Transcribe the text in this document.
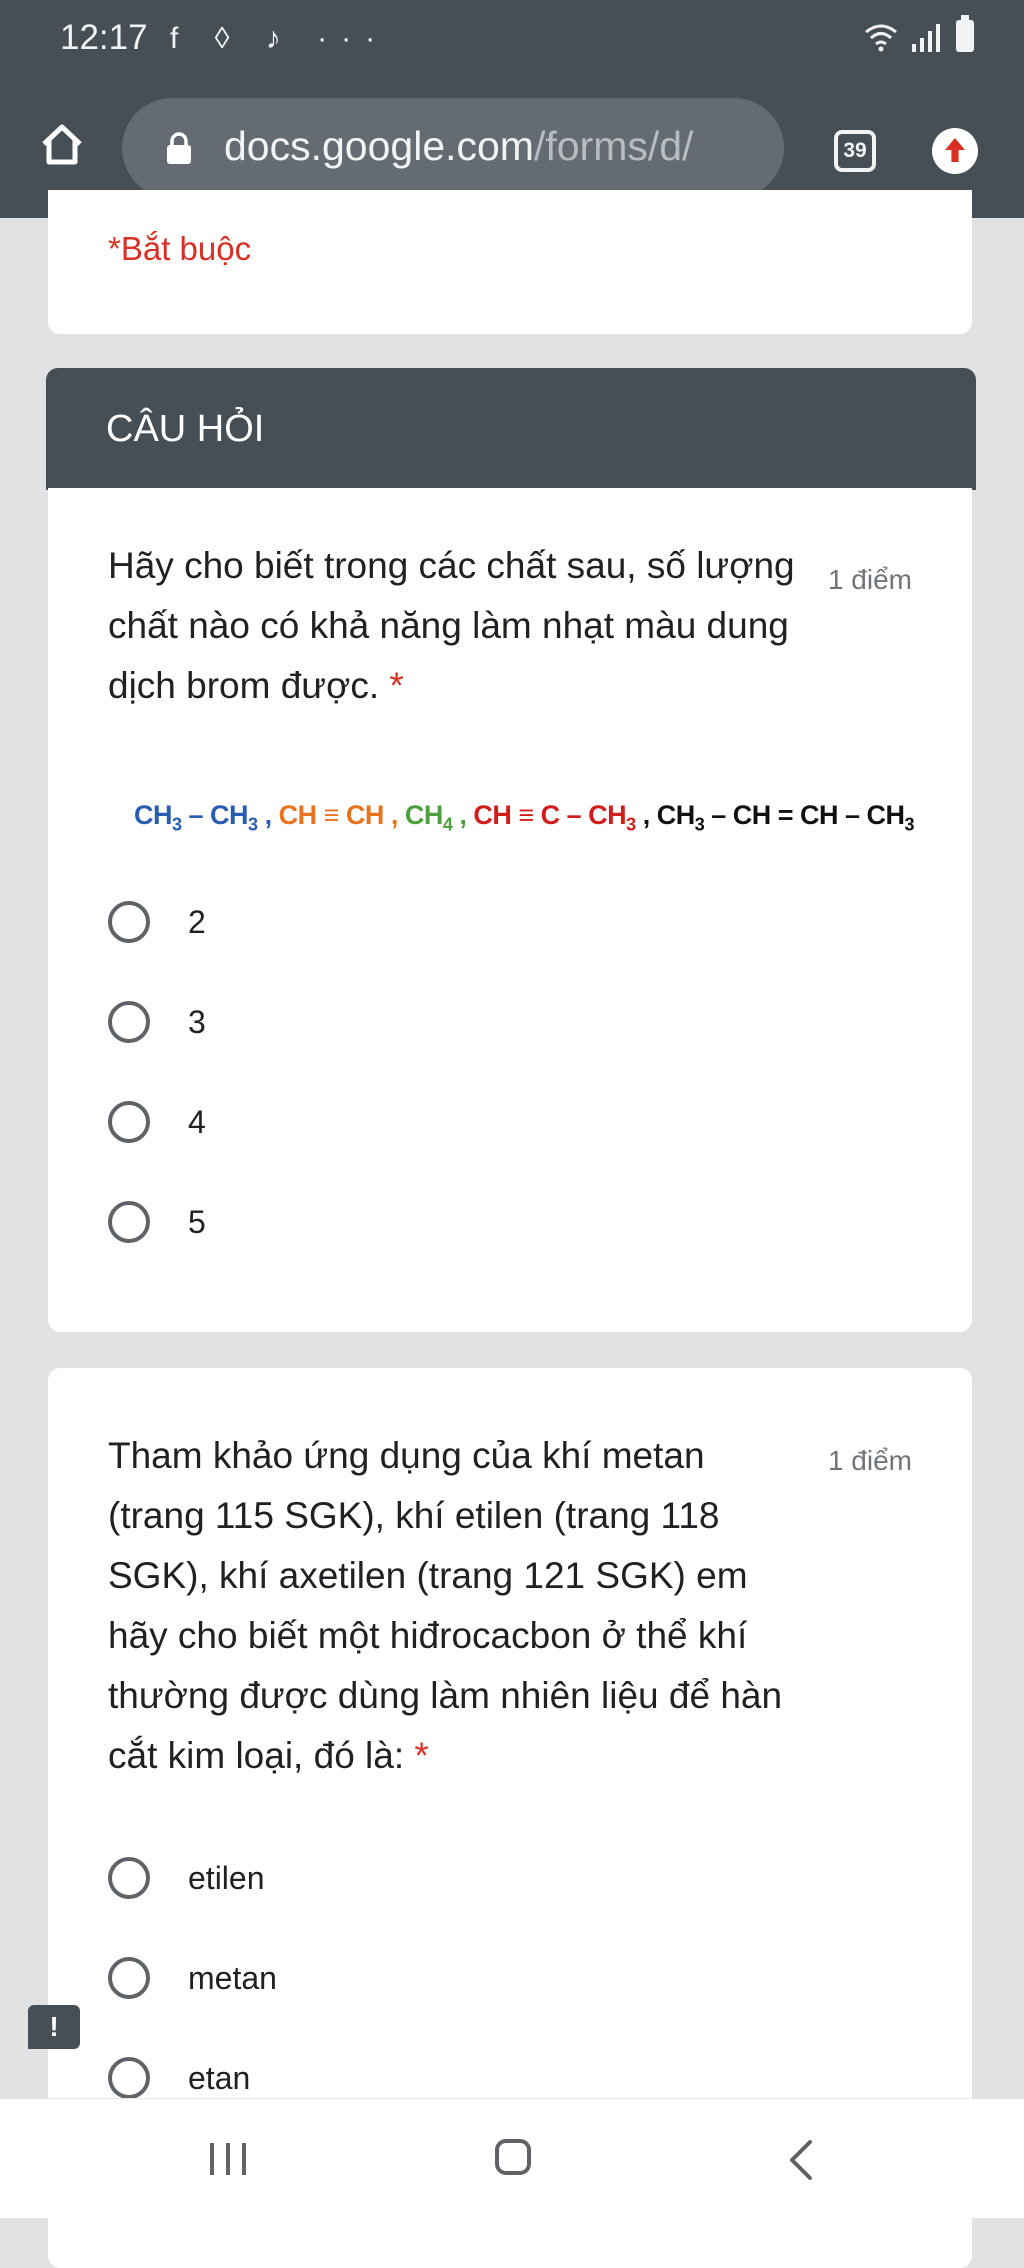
12:17 f ◊ ♪ ···
docs.google.com/forms/d/	39
*Bắt buộc
CÂU HỎI
Hãy cho biết trong các chất sau, số lượng chất nào có khả năng làm nhạt màu dung dịch brom được. *
1 điểm
$CH_3 - CH_3$ , CH ≡ CH , $CH_4$ , CH ≡ C – $CH_3$ , $CH_3$ – CH = CH – $CH_3$
2
3
4
5
Tham khảo ứng dụng của khí metan (trang 115 SGK), khí etilen (trang 118 SGK), khí axetilen (trang 121 SGK) em hãy cho biết một hiđrocacbon ở thể khí thường được dùng làm nhiên liệu để hàn cắt kim loại, đó là: *
1 điểm
etilen
metan
etan
!
